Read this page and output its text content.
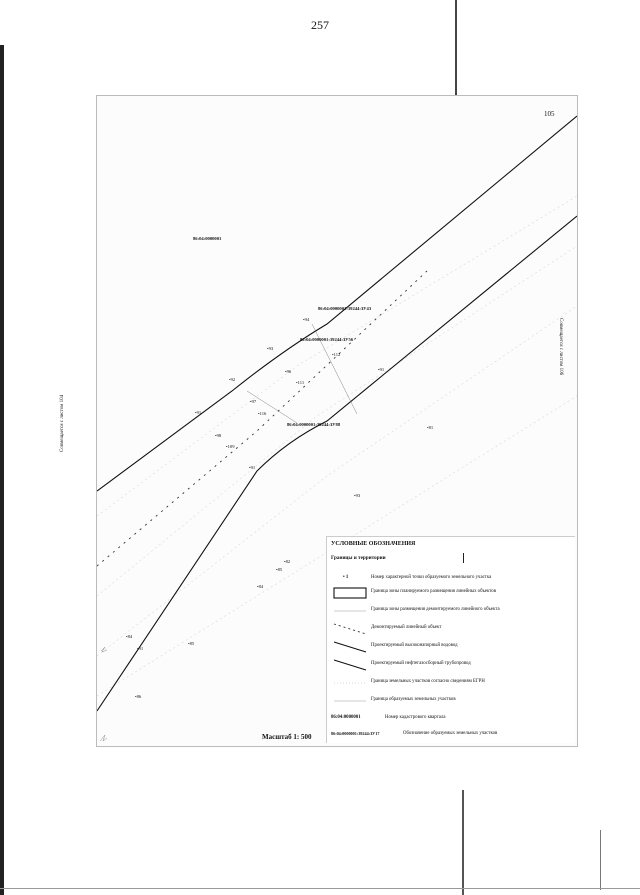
257
105
Совмещается с листом 104
Совмещается с листом 106
86:04:0000001
86:04:0000001:39244:ЗУ43
86:04:0000001:39244:ЗУ56
86:04:0000001:39244:ЗУ88
•94
•93
•112
•96
•111
•92
•97
•116
•91
•98
•109
•91
•91
•81
•93
•82
•85
•84
•84
•91
•85
•86
УСЛОВНЫЕ ОБОЗНАЧЕНИЯ
Границы и территории
• 1	Номер характерной точки образуемого земельного участка
Граница зоны планируемого размещения линейных объектов
Граница зоны размещения демонтируемого линейного объекта
Демонтируемый линейный объект
Проектируемый высоконапорный водовод
Проектируемый нефтегазосборный трубопровод
Граница земельных участков согласно сведениям ЕГРН
Граница образуемых земельных участков
86:04:0000001	Номер кадастрового квартала
86:04:0000001:39244:ЗУ17	Обозначение образуемых земельных участков
Масштаб 1: 500
